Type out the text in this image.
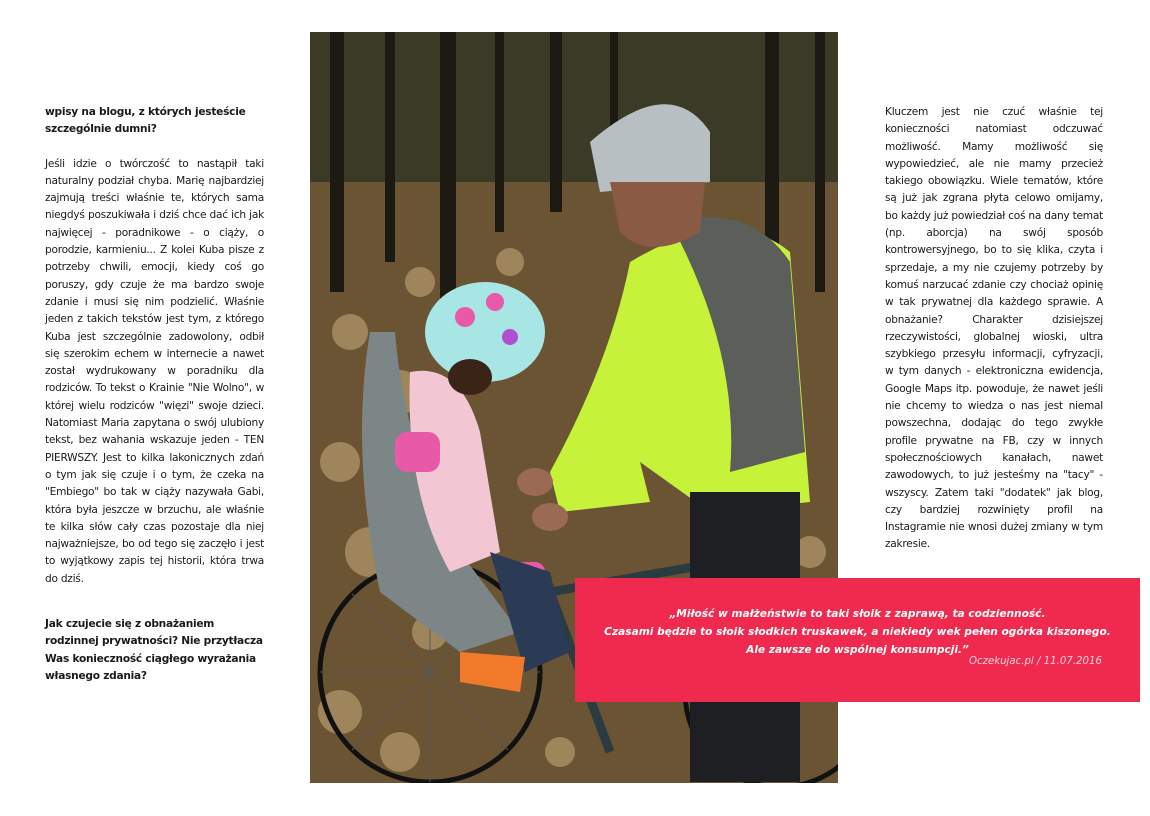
wpisy na blogu, z których jesteście szczególnie dumni?

Jeśli idzie o twórczość to nastąpił taki naturalny podział chyba. Marię najbardziej zajmują treści właśnie te, których sama niegdyś poszukiwała i dziś chce dać ich jak najwięcej - poradnikowe - o ciąży, o porodzie, karmieniu... Z kolei Kuba pisze z potrzeby chwili, emocji, kiedy coś go poruszy, gdy czuje że ma bardzo swoje zdanie i musi się nim podzielić. Właśnie jeden z takich tekstów jest tym, z którego Kuba jest szczególnie zadowolony, odbił się szerokim echem w internecie a nawet został wydrukowany w poradniku dla rodziców. To tekst o Krainie "Nie Wolno", w której wielu rodziców "więzi" swoje dzieci. Natomiast Maria zapytana o swój ulubiony tekst, bez wahania wskazuje jeden - TEN PIERWSZY. Jest to kilka lakonicznych zdań o tym jak się czuje i o tym, że czeka na "Embiego" bo tak w ciąży nazywała Gabi, która była jeszcze w brzuchu, ale właśnie te kilka słów cały czas pozostaje dla niej najważniejsze, bo od tego się zaczęło i jest to wyjątkowy zapis tej historii, która trwa do dziś.

Jak czujecie się z obnażaniem rodzinnej prywatności? Nie przytłacza Was konieczność ciągłego wyrażania własnego zdania?

Kluczem jest nie czuć właśnie tej konieczności natomiast odczuwać możliwość. Mamy możliwość się wypowiedzieć, ale nie mamy przecież takiego obowiązku. Wiele tematów, które są już jak zgrana płyta celowo omijamy, bo każdy już powiedział coś na dany temat (np. aborcja) na swój sposób kontrowersyjnego, bo to się klika, czyta i sprzedaje, a my nie czujemy potrzeby by komuś narzucać zdanie czy chociaż opinię w tak prywatnej dla każdego sprawie. A obnażanie? Charakter dzisiejszej rzeczywistości, globalnej wioski, ultra szybkiego przesyłu informacji, cyfryzacji, w tym danych - elektroniczna ewidencja, Google Maps itp. powoduje, że nawet jeśli nie chcemy to wiedza o nas jest niemal powszechna, dodając do tego zwykłe profile prywatne na FB, czy w innych społecznościowych kanałach, nawet zawodowych, to już jesteśmy na "tacy" - wszyscy. Zatem taki "dodatek" jak blog, czy bardziej rozwinięty profil na Instagramie nie wnosi dużej zmiany w tym zakresie.

„Miłość w małżeństwie to taki słoik z zaprawą, ta codzienność.
Czasami będzie to słoik słodkich truskawek, a niekiedy wek pełen ogórka kiszonego.
Ale zawsze do wspólnej konsumpcji.”
Oczekujac.pl / 11.07.2016
